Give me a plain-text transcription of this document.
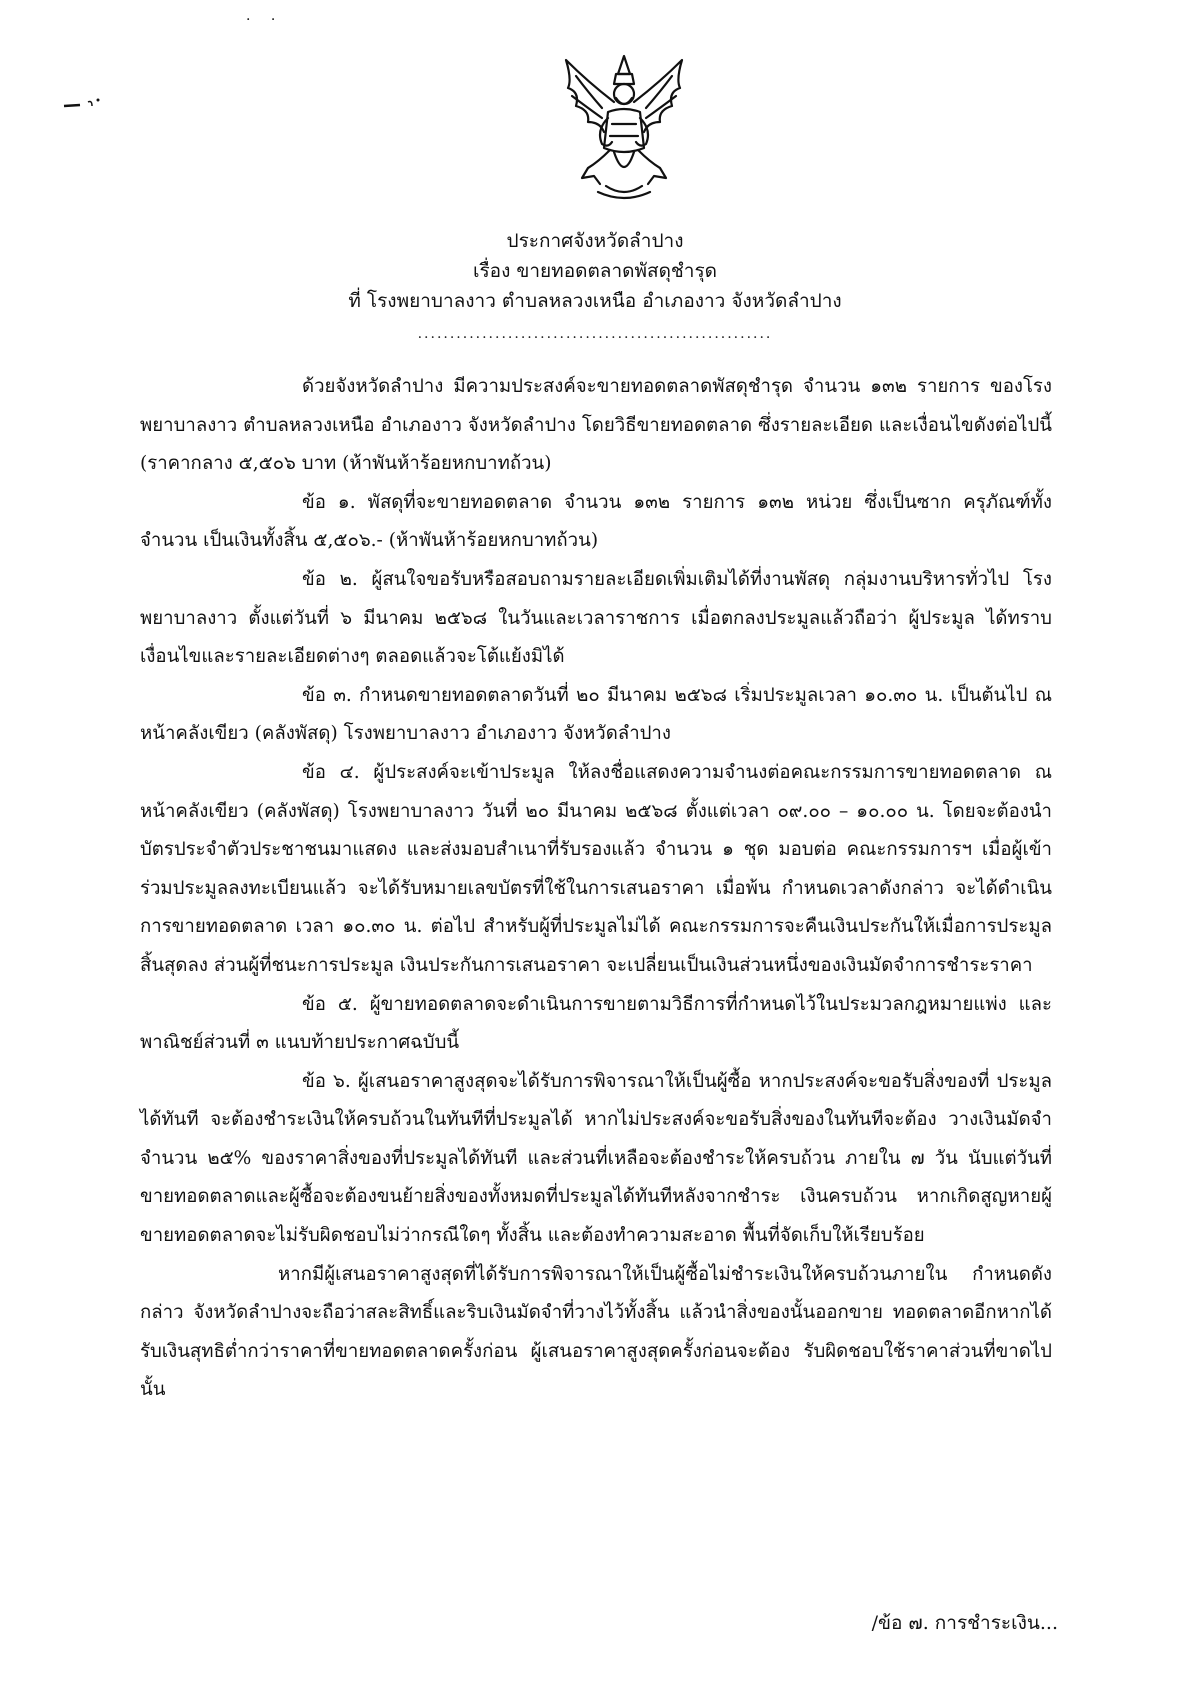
· ·
ประกาศจังหวัดลำปาง
เรื่อง ขายทอดตลาดพัสดุชำรุด
ที่ โรงพยาบาลงาว ตำบลหลวงเหนือ อำเภองาว จังหวัดลำปาง
.......................................................

ด้วยจังหวัดลำปาง มีความประสงค์จะขายทอดตลาดพัสดุชำรุด จำนวน ๑๓๒ รายการ ของโรงพยาบาลงาว ตำบลหลวงเหนือ อำเภองาว จังหวัดลำปาง โดยวิธีขายทอดตลาด ซึ่งรายละเอียด และเงื่อนไขดังต่อไปนี้ (ราคากลาง ๕,๕๐๖ บาท (ห้าพันห้าร้อยหกบาทถ้วน)

ข้อ ๑. พัสดุที่จะขายทอดตลาด จำนวน ๑๓๒ รายการ ๑๓๒ หน่วย ซึ่งเป็นซาก ครุภัณฑ์ทั้งจำนวน เป็นเงินทั้งสิ้น ๕,๕๐๖.- (ห้าพันห้าร้อยหกบาทถ้วน)

ข้อ ๒. ผู้สนใจขอรับหรือสอบถามรายละเอียดเพิ่มเติมได้ที่งานพัสดุ กลุ่มงานบริหารทั่วไป โรงพยาบาลงาว ตั้งแต่วันที่ ๖ มีนาคม ๒๕๖๘ ในวันและเวลาราชการ เมื่อตกลงประมูลแล้วถือว่า ผู้ประมูล ได้ทราบเงื่อนไขและรายละเอียดต่างๆ ตลอดแล้วจะโต้แย้งมิได้

ข้อ ๓. กำหนดขายทอดตลาดวันที่ ๒๐ มีนาคม ๒๕๖๘ เริ่มประมูลเวลา ๑๐.๓๐ น. เป็นต้นไป ณ หน้าคลังเขียว (คลังพัสดุ) โรงพยาบาลงาว อำเภองาว จังหวัดลำปาง

ข้อ ๔. ผู้ประสงค์จะเข้าประมูล ให้ลงชื่อแสดงความจำนงต่อคณะกรรมการขายทอดตลาด ณ หน้าคลังเขียว (คลังพัสดุ) โรงพยาบาลงาว วันที่ ๒๐ มีนาคม ๒๕๖๘ ตั้งแต่เวลา ๐๙.๐๐ – ๑๐.๐๐ น. โดยจะต้องนำบัตรประจำตัวประชาชนมาแสดง และส่งมอบสำเนาที่รับรองแล้ว จำนวน ๑ ชุด มอบต่อ คณะกรรมการฯ เมื่อผู้เข้าร่วมประมูลลงทะเบียนแล้ว จะได้รับหมายเลขบัตรที่ใช้ในการเสนอราคา เมื่อพ้น กำหนดเวลาดังกล่าว จะได้ดำเนินการขายทอดตลาด เวลา ๑๐.๓๐ น. ต่อไป สำหรับผู้ที่ประมูลไม่ได้ คณะกรรมการจะคืนเงินประกันให้เมื่อการประมูลสิ้นสุดลง ส่วนผู้ที่ชนะการประมูล เงินประกันการเสนอราคา จะเปลี่ยนเป็นเงินส่วนหนึ่งของเงินมัดจำการชำระราคา

ข้อ ๕. ผู้ขายทอดตลาดจะดำเนินการขายตามวิธีการที่กำหนดไว้ในประมวลกฎหมายแพ่ง และพาณิชย์ส่วนที่ ๓ แนบท้ายประกาศฉบับนี้

ข้อ ๖. ผู้เสนอราคาสูงสุดจะได้รับการพิจารณาให้เป็นผู้ซื้อ หากประสงค์จะขอรับสิ่งของที่ ประมูลได้ทันที จะต้องชำระเงินให้ครบถ้วนในทันทีที่ประมูลได้ หากไม่ประสงค์จะขอรับสิ่งของในทันทีจะต้อง วางเงินมัดจำ จำนวน ๒๕% ของราคาสิ่งของที่ประมูลได้ทันที และส่วนที่เหลือจะต้องชำระให้ครบถ้วน ภายใน ๗ วัน นับแต่วันที่ขายทอดตลาดและผู้ซื้อจะต้องขนย้ายสิ่งของทั้งหมดที่ประมูลได้ทันทีหลังจากชำระ เงินครบถ้วน หากเกิดสูญหายผู้ขายทอดตลาดจะไม่รับผิดชอบไม่ว่ากรณีใดๆ ทั้งสิ้น และต้องทำความสะอาด พื้นที่จัดเก็บให้เรียบร้อย

หากมีผู้เสนอราคาสูงสุดที่ได้รับการพิจารณาให้เป็นผู้ซื้อไม่ชำระเงินให้ครบถ้วนภายใน กำหนดดังกล่าว จังหวัดลำปางจะถือว่าสละสิทธิ์และริบเงินมัดจำที่วางไว้ทั้งสิ้น แล้วนำสิ่งของนั้นออกขาย ทอดตลาดอีกหากได้รับเงินสุทธิต่ำกว่าราคาที่ขายทอดตลาดครั้งก่อน ผู้เสนอราคาสูงสุดครั้งก่อนจะต้อง รับผิดชอบใช้ราคาส่วนที่ขาดไปนั้น

/ข้อ ๗. การชำระเงิน...
